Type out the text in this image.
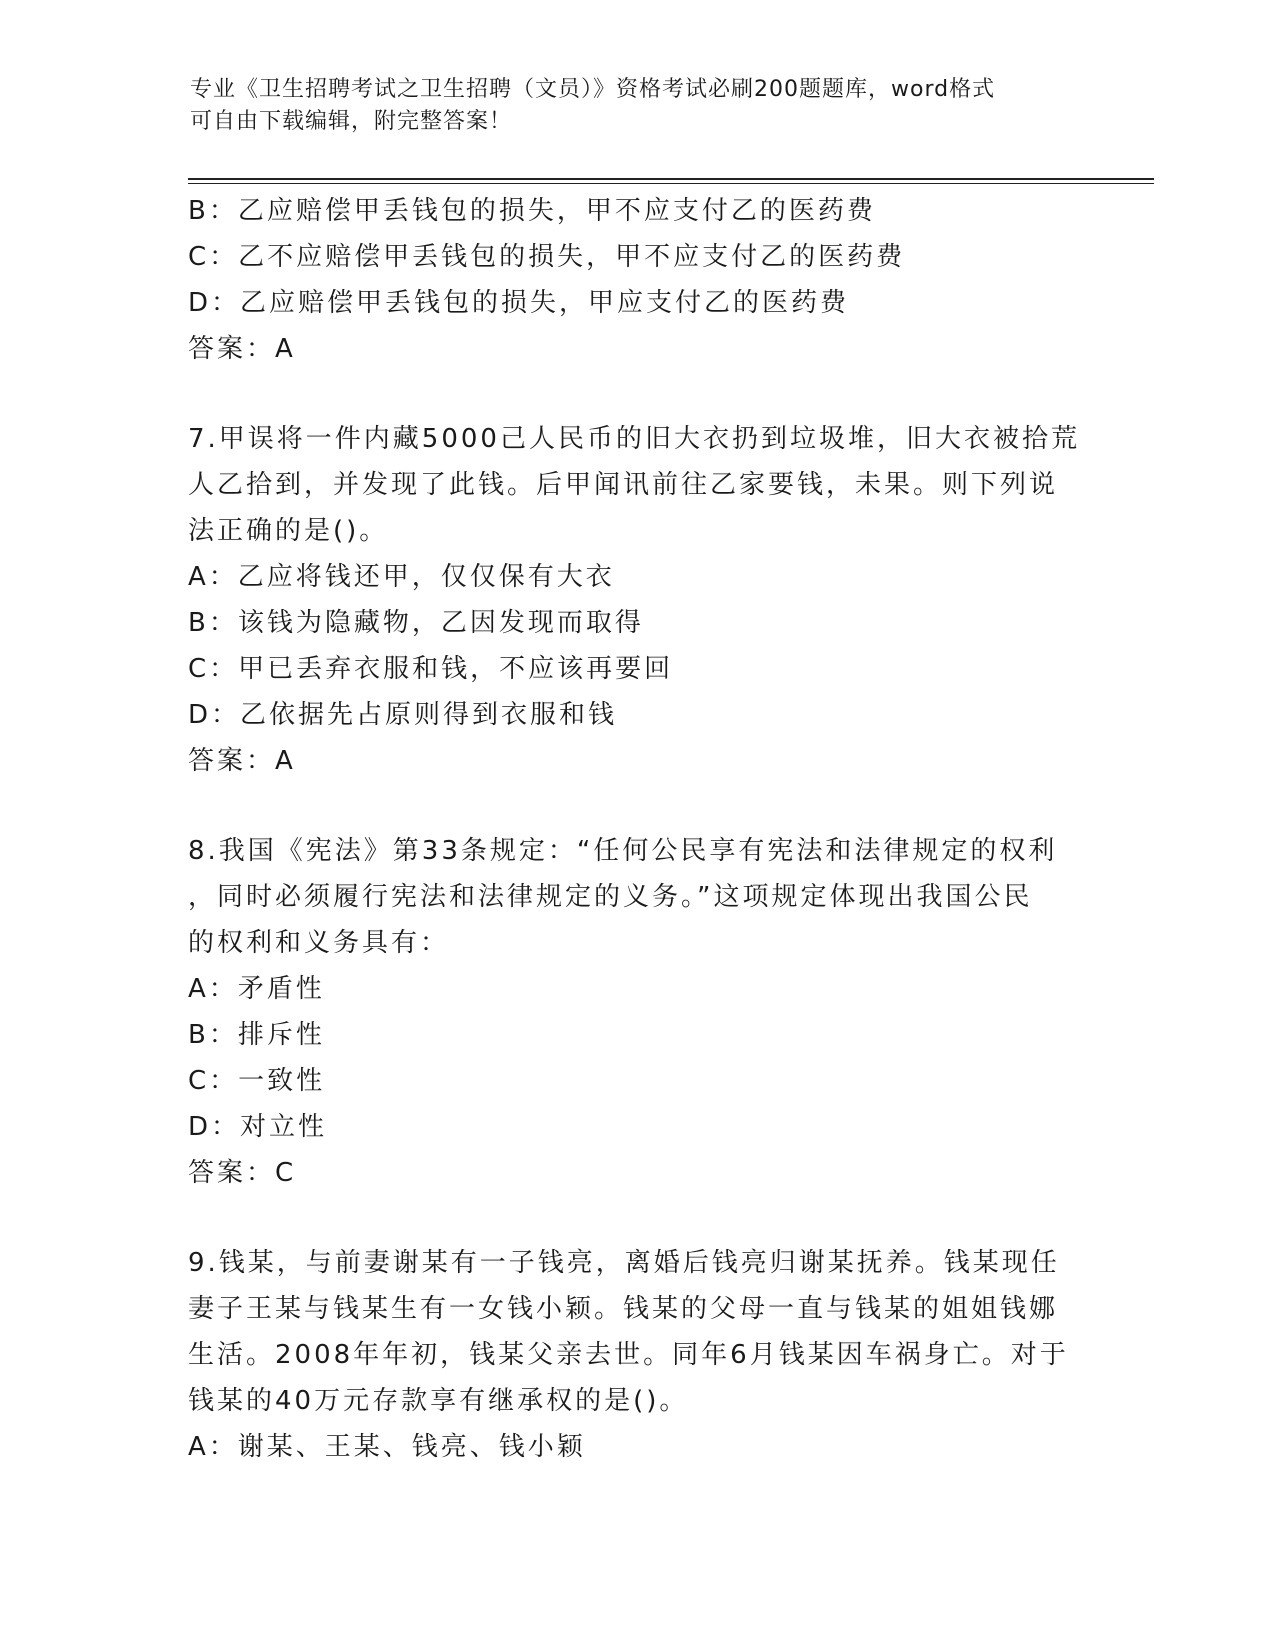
专业《卫生招聘考试之卫生招聘（文员）》资格考试必刷200题题库，word格式
可自由下载编辑，附完整答案！
B：乙应赔偿甲丢钱包的损失，甲不应支付乙的医药费
C：乙不应赔偿甲丢钱包的损失，甲不应支付乙的医药费
D：乙应赔偿甲丢钱包的损失，甲应支付乙的医药费
答案：A
7.甲误将一件内藏5000己人民币的旧大衣扔到垃圾堆，旧大衣被拾荒
人乙拾到，并发现了此钱。后甲闻讯前往乙家要钱，未果。则下列说
法正确的是()。
A：乙应将钱还甲，仅仅保有大衣
B：该钱为隐藏物，乙因发现而取得
C：甲已丢弃衣服和钱，不应该再要回
D：乙依据先占原则得到衣服和钱
答案：A
8.我国《宪法》第33条规定：“任何公民享有宪法和法律规定的权利
，同时必须履行宪法和法律规定的义务。”这项规定体现出我国公民
的权利和义务具有：
A：矛盾性
B：排斥性
C：一致性
D：对立性
答案：C
9.钱某，与前妻谢某有一子钱亮，离婚后钱亮归谢某抚养。钱某现任
妻子王某与钱某生有一女钱小颖。钱某的父母一直与钱某的姐姐钱娜
生活。2008年年初，钱某父亲去世。同年6月钱某因车祸身亡。对于
钱某的40万元存款享有继承权的是()。
A：谢某、王某、钱亮、钱小颖
